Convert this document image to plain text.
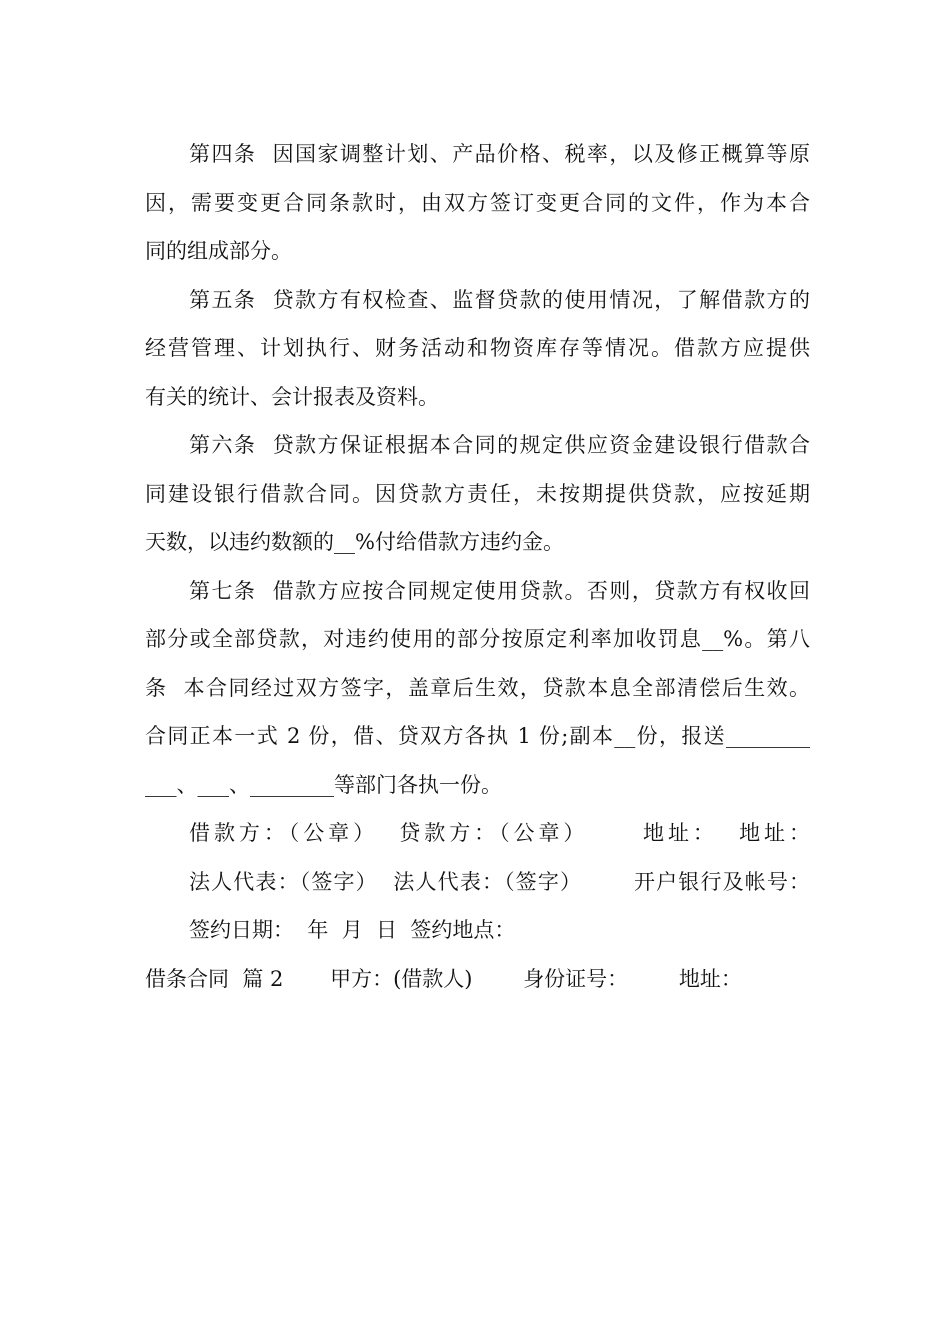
第四条  因国家调整计划、产品价格、税率，以及修正概算等原 因，需要变更合同条款时，由双方签订变更合同的文件，作为本合 同的组成部分。
第五条  贷款方有权检查、监督贷款的使用情况，了解借款方的 经营管理、计划执行、财务活动和物资库存等情况。借款方应提供 有关的统计、会计报表及资料。
第六条  贷款方保证根据本合同的规定供应资金建设银行借款合 同建设银行借款合同。因贷款方责任，未按期提供贷款，应按延期 天数，以违约数额的__%付给借款方违约金。
第七条  借款方应按合同规定使用贷款。否则，贷款方有权收回 部分或全部贷款，对违约使用的部分按原定利率加收罚息__%。第八 条  本合同经过双方签字，盖章后生效，贷款本息全部清偿后生效。 合同正本一式 2 份，借、贷双方各执 1 份;副本__份，报送________ ___、___、________等部门各执一份。
借款方：（公章）  贷款方：（公章）	地址：  地址： 法人代表：（签字）  法人代表：（签字） 开户银行及帐号： 签约日期：  年  月  日  签约地点：
借条合同  篇 2       甲方：(借款人) 身份证号： 地址：
